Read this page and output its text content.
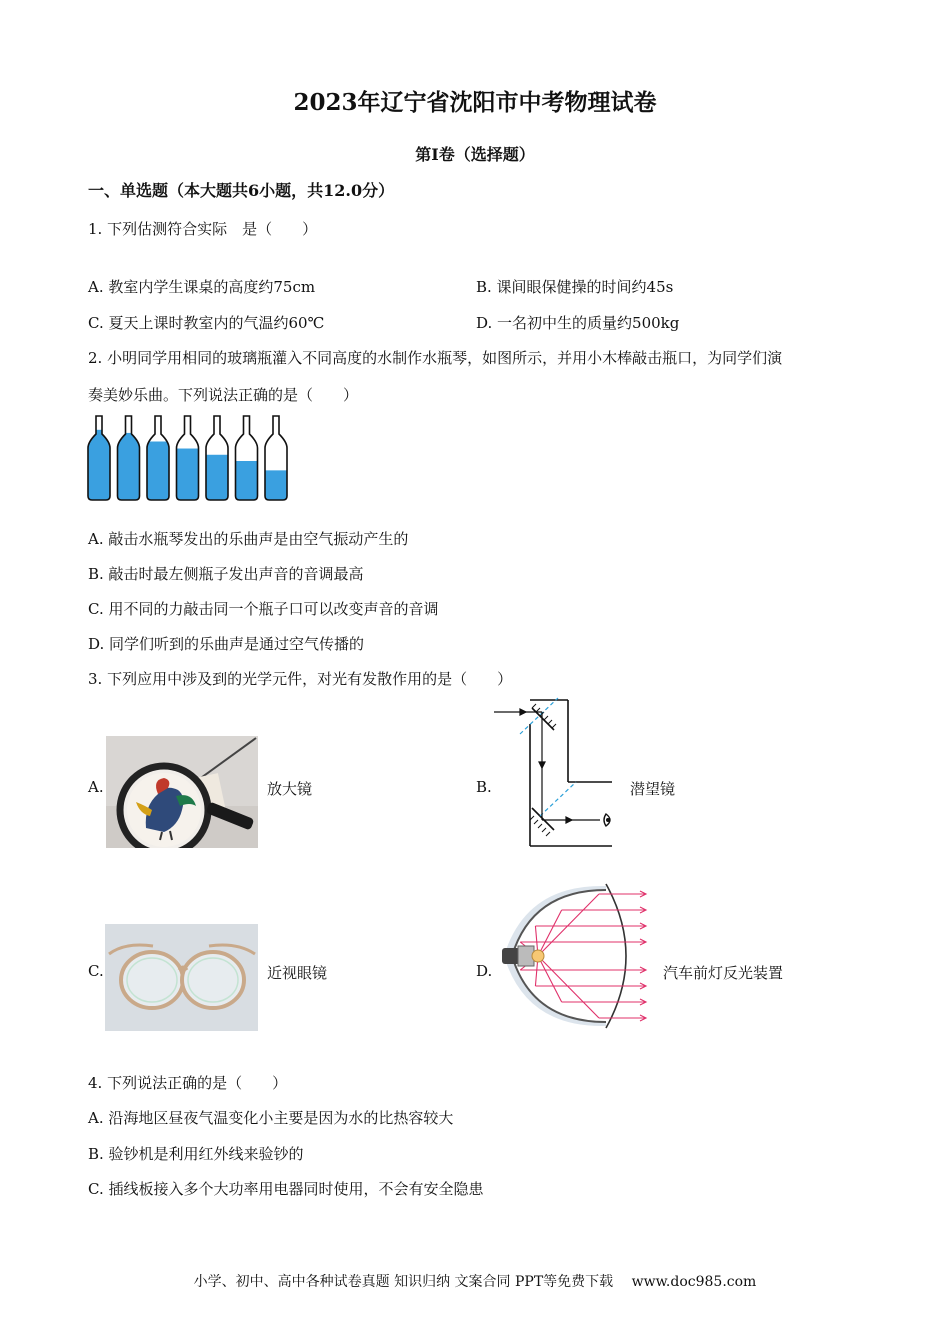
2023年辽宁省沈阳市中考物理试卷
第I卷（选择题）
一、单选题（本大题共6小题，共12.0分）
1. 下列估测符合实际　是（　　）
A. 教室内学生课桌的高度约75cm	B. 课间眼保健操的时间约45s
C. 夏天上课时教室内的气温约60℃	D. 一名初中生的质量约500kg
2. 小明同学用相同的玻璃瓶灌入不同高度的水制作水瓶琴，如图所示，并用小木棒敲击瓶口，为同学们演
奏美妙乐曲。下列说法正确的是（　　）
A. 敲击水瓶琴发出的乐曲声是由空气振动产生的
B. 敲击时最左侧瓶子发出声音的音调最高
C. 用不同的力敲击同一个瓶子口可以改变声音的音调
D. 同学们听到的乐曲声是通过空气传播的
3. 下列应用中涉及到的光学元件，对光有发散作用的是（　　）
A.	放大镜	B.	潜望镜
C.	近视眼镜	D.	汽车前灯反光装置
4. 下列说法正确的是（　　）
A. 沿海地区昼夜气温变化小主要是因为水的比热容较大
B. 验钞机是利用红外线来验钞的
C. 插线板接入多个大功率用电器同时使用，不会有安全隐患
小学、初中、高中各种试卷真题 知识归纳 文案合同 PPT等免费下载　 www.doc985.com
